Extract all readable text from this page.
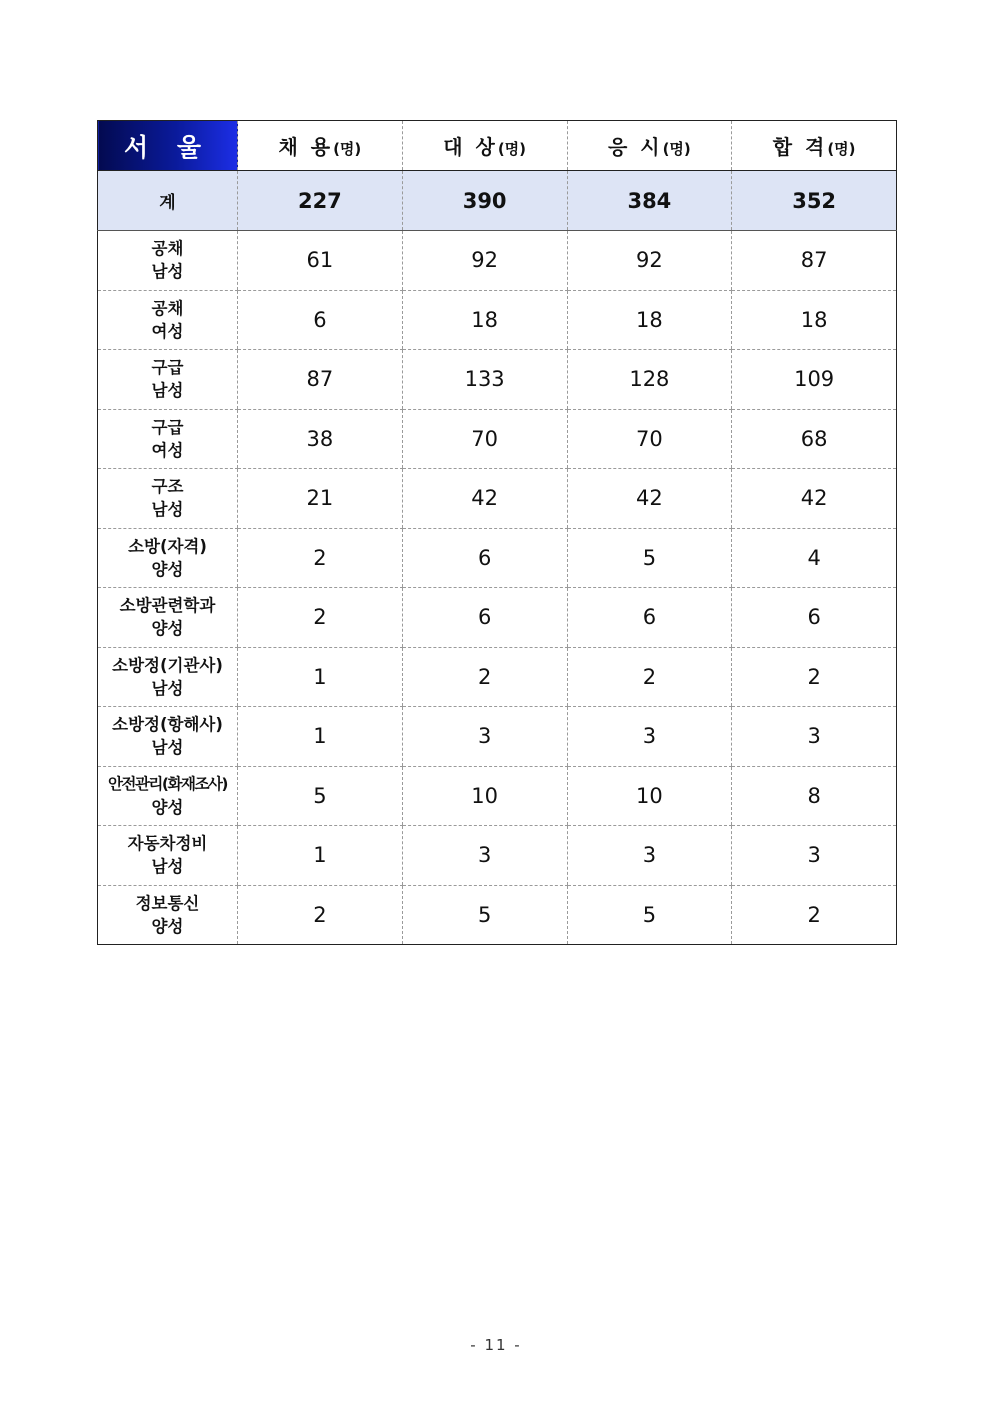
서 울	채 용(명)	대 상(명)	응 시(명)	합 격(명)
계	227	390	384	352

공채
남성	61	92	92	87

공채
여성	6	18	18	18

구급
남성	87	133	128	109

구급
여성	38	70	70	68

구조
남성	21	42	42	42

소방(자격)
양성	2	6	5	4

소방관련학과
양성	2	6	6	6

소방정(기관사)
남성	1	2	2	2

소방정(항해사)
남성	1	3	3	3

안전관리(화재조사)
양성	5	10	10	8

자동차정비
남성	1	3	3	3

정보통신
양성	2	5	5	2
- 11 -
